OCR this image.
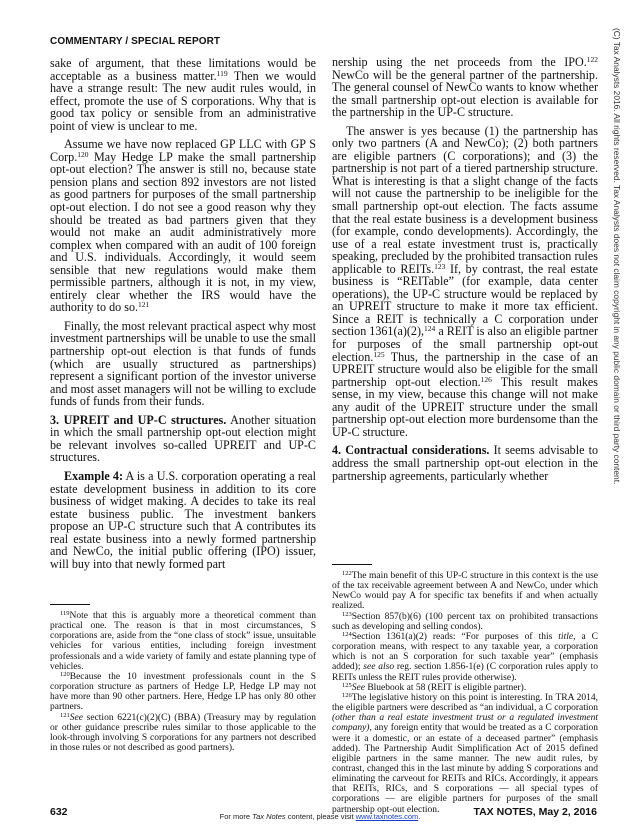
COMMENTARY / SPECIAL REPORT

sake of argument, that these limitations would be acceptable as a business matter.$^{119}$ Then we would have a strange result: The new audit rules would, in effect, promote the use of S corporations. Why that is good tax policy or sensible from an administrative point of view is unclear to me.

Assume we have now replaced GP LLC with GP S Corp.$^{120}$ May Hedge LP make the small partnership opt-out election? The answer is still no, because state pension plans and section 892 investors are not listed as good partners for purposes of the small partnership opt-out election. I do not see a good reason why they should be treated as bad partners given that they would not make an audit administratively more complex when compared with an audit of 100 foreign and U.S. individuals. Accordingly, it would seem sensible that new regulations would make them permissible partners, although it is not, in my view, entirely clear whether the IRS would have the authority to do so.$^{121}$

Finally, the most relevant practical aspect why most investment partnerships will be unable to use the small partnership opt-out election is that funds of funds (which are usually structured as partnerships) represent a significant portion of the investor universe and most asset managers will not be willing to exclude funds of funds from their funds.

3. UPREIT and UP-C structures. Another situation in which the small partnership opt-out election might be relevant involves so-called UPREIT and UP-C structures.

Example 4: A is a U.S. corporation operating a real estate development business in addition to its core business of widget making. A decides to take its real estate business public. The investment bankers propose an UP-C structure such that A contributes its real estate business into a newly formed partnership and NewCo, the initial public offering (IPO) issuer, will buy into that newly formed part

$^{119}$Note that this is arguably more a theoretical comment than practical one. The reason is that in most circumstances, S corporations are, aside from the “one class of stock” issue, unsuitable vehicles for various entities, including foreign investment professionals and a wide variety of family and estate planning type of vehicles.

$^{120}$Because the 10 investment professionals count in the S corporation structure as partners of Hedge LP, Hedge LP may not have more than 90 other partners. Here, Hedge LP has only 80 other partners.

$^{121}$See section 6221(c)(2)(C) (BBA) (Treasury may by regulation or other guidance prescribe rules similar to those applicable to the look-through involving S corporations for any partners not described in those rules or not described as good partners).

nership using the net proceeds from the IPO.$^{122}$ NewCo will be the general partner of the partnership. The general counsel of NewCo wants to know whether the small partnership opt-out election is available for the partnership in the UP-C structure.

The answer is yes because (1) the partnership has only two partners (A and NewCo); (2) both partners are eligible partners (C corporations); and (3) the partnership is not part of a tiered partnership structure. What is interesting is that a slight change of the facts will not cause the partnership to be ineligible for the small partnership opt-out election. The facts assume that the real estate business is a development business (for example, condo developments). Accordingly, the use of a real estate investment trust is, practically speaking, precluded by the prohibited transaction rules applicable to REITs.$^{123}$ If, by contrast, the real estate business is “REITable” (for example, data center operations), the UP-C structure would be replaced by an UPREIT structure to make it more tax efficient. Since a REIT is technically a C corporation under section 1361(a)(2),$^{124}$ a REIT is also an eligible partner for purposes of the small partnership opt-out election.$^{125}$ Thus, the partnership in the case of an UPREIT structure would also be eligible for the small partnership opt-out election.$^{126}$ This result makes sense, in my view, because this change will not make any audit of the UPREIT structure under the small partnership opt-out election more burdensome than the UP-C structure.

4. Contractual considerations. It seems advisable to address the small partnership opt-out election in the partnership agreements, particularly whether

$^{122}$The main benefit of this UP-C structure in this context is the use of the tax receivable agreement between A and NewCo, under which NewCo would pay A for specific tax benefits if and when actually realized.

$^{123}$Section 857(b)(6) (100 percent tax on prohibited transactions such as developing and selling condos).

$^{124}$Section 1361(a)(2) reads: “For purposes of this title, a C corporation means, with respect to any taxable year, a corporation which is not an S corporation for such taxable year” (emphasis added); see also reg. section 1.856-1(e) (C corporation rules apply to REITs unless the REIT rules provide otherwise).

$^{125}$See Bluebook at 58 (REIT is eligible partner).

$^{126}$The legislative history on this point is interesting. In TRA 2014, the eligible partners were described as “an individual, a C corporation (other than a real estate investment trust or a regulated investment company), any foreign entity that would be treated as a C corporation were it a domestic, or an estate of a deceased partner” (emphasis added). The Partnership Audit Simplification Act of 2015 defined eligible partners in the same manner. The new audit rules, by contrast, changed this in the last minute by adding S corporations and eliminating the carveout for REITs and RICs. Accordingly, it appears that REITs, RICs, and S corporations — all special types of corporations — are eligible partners for purposes of the small partnership opt-out election.

632	TAX NOTES, May 2, 2016
(C) Tax Analysts 2016. All rights reserved. Tax Analysts does not claim copyright in any public domain or third party content.
For more Tax Notes content, please visit www.taxnotes.com.
